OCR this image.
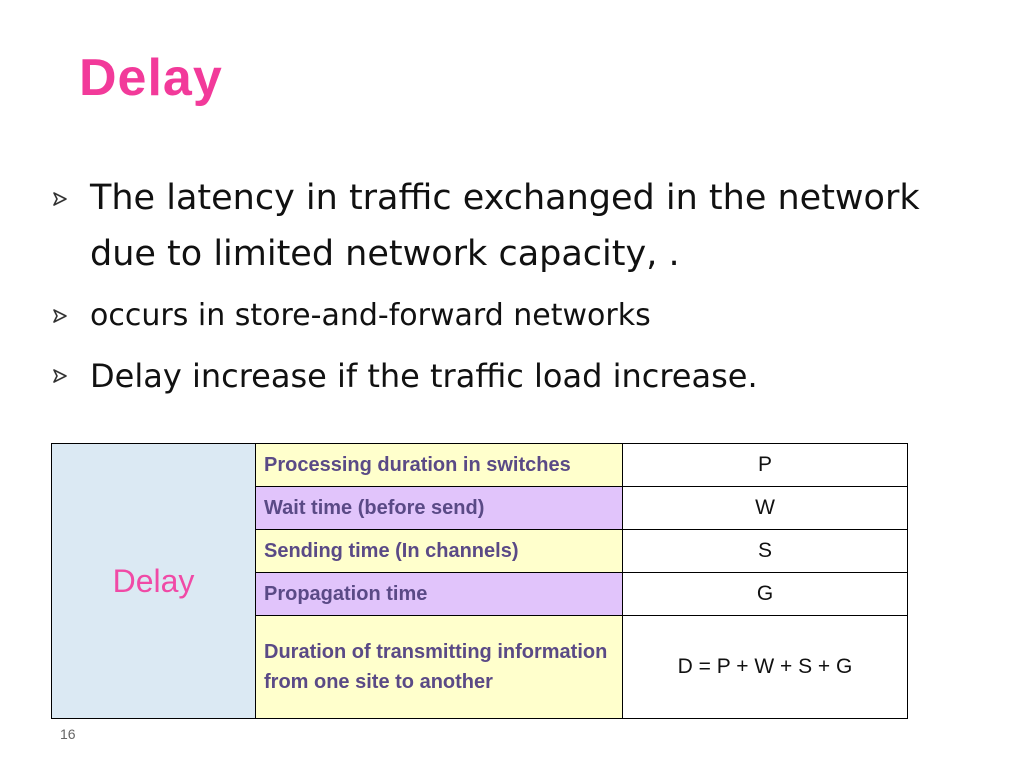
Delay
The latency in traffic exchanged in the network due to limited network capacity, .
occurs in store-and-forward networks
Delay increase if the traffic load increase.
Delay	Processing duration in switches	P
	Wait time (before send)	W
	Sending time (In channels)	S
	Propagation time	G
	Duration of transmitting information from one site to another	D = P + W + S + G
16
